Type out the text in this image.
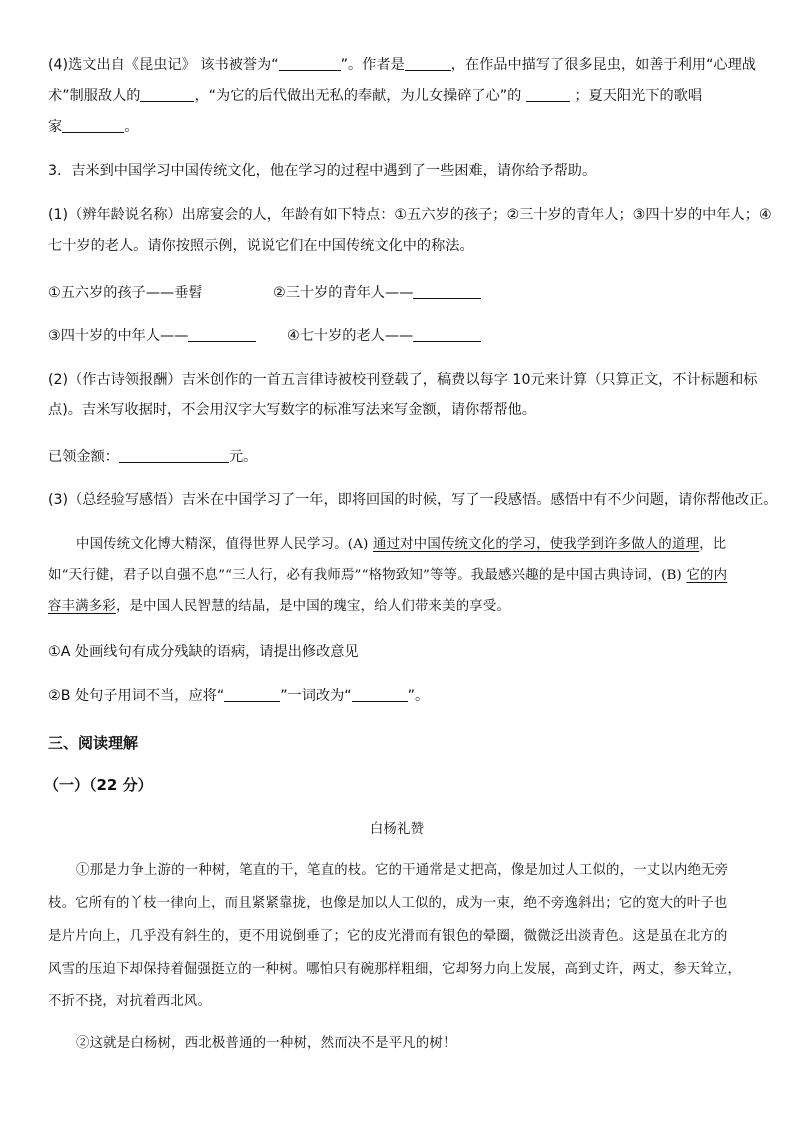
(4)选文出自《昆虫记》 该书被誉为“	”。作者是	，在作品中描写了很多昆虫，如善于利用“心理战
术”制服敌人的	，“为它的后代做出无私的奉献，为儿女操碎了心”的	；夏天阳光下的歌唱
家	。
3．吉米到中国学习中国传统文化，他在学习的过程中遇到了一些困难，请你给予帮助。
(1)（辨年龄说名称）出席宴会的人，年龄有如下特点：①五六岁的孩子；②三十岁的青年人；③四十岁的中年人；④
七十岁的老人。请你按照示例，说说它们在中国传统文化中的称法。
①五六岁的孩子——垂髫	②三十岁的青年人——
③四十岁的中年人——	④七十岁的老人——
(2)（作古诗领报酬）吉米创作的一首五言律诗被校刊登载了，稿费以每字 10元来计算（只算正文，不计标题和标
点)。吉米写收据时，不会用汉字大写数字的标准写法来写金额，请你帮帮他。
已领金额：	元。
(3)（总经验写感悟）吉米在中国学习了一年，即将回国的时候，写了一段感悟。感悟中有不少问题，请你帮他改正。
中国传统文化博大精深，值得世界人民学习。(A) 通过对中国传统文化的学习，使我学到许多做人的道理，比
如“天行健，君子以自强不息”“三人行，必有我师焉”“格物致知”等等。我最感兴趣的是中国古典诗词，(B) 它的内
容丰满多彩，是中国人民智慧的结晶，是中国的瑰宝，给人们带来美的享受。
①A 处画线句有成分残缺的语病，请提出修改意见
②B 处句子用词不当，应将“	”一词改为“	”。
三、阅读理解
（一）（22 分）
白杨礼赞
①那是力争上游的一种树，笔直的干，笔直的枝。它的干通常是丈把高，像是加过人工似的，一丈以内绝无旁
枝。它所有的丫枝一律向上，而且紧紧靠拢，也像是加以人工似的，成为一束，绝不旁逸斜出；它的宽大的叶子也
是片片向上，几乎没有斜生的，更不用说倒垂了；它的皮光滑而有银色的晕圈，微微泛出淡青色。这是虽在北方的
风雪的压迫下却保持着倔强挺立的一种树。哪怕只有碗那样粗细，它却努力向上发展，高到丈许，两丈，参天耸立，
不折不挠，对抗着西北风。
②这就是白杨树，西北极普通的一种树，然而决不是平凡的树！
